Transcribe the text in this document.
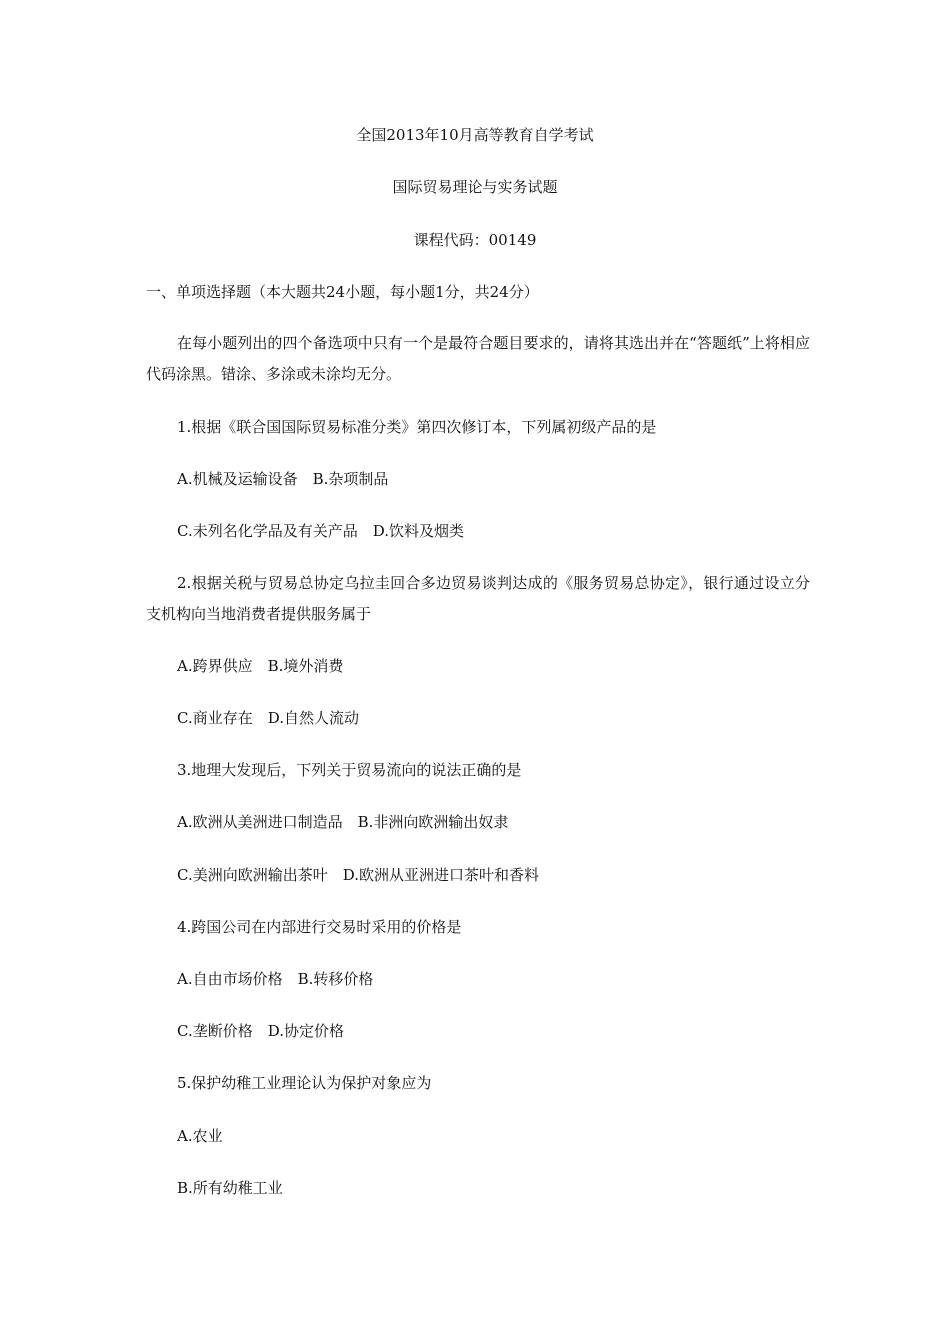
全国2013年10月高等教育自学考试
国际贸易理论与实务试题
课程代码：00149
一、单项选择题（本大题共24小题，每小题1分，共24分）
在每小题列出的四个备选项中只有一个是最符合题目要求的，请将其选出并在“答题纸”上将相应代码涂黑。错涂、多涂或未涂均无分。
1.根据《联合国国际贸易标准分类》第四次修订本，下列属初级产品的是
A.机械及运输设备　B.杂项制品
C.未列名化学品及有关产品　D.饮料及烟类
2.根据关税与贸易总协定乌拉圭回合多边贸易谈判达成的《服务贸易总协定》，银行通过设立分支机构向当地消费者提供服务属于
A.跨界供应　B.境外消费
C.商业存在　D.自然人流动
3.地理大发现后，下列关于贸易流向的说法正确的是
A.欧洲从美洲进口制造品　B.非洲向欧洲输出奴隶
C.美洲向欧洲输出茶叶　D.欧洲从亚洲进口茶叶和香料
4.跨国公司在内部进行交易时采用的价格是
A.自由市场价格　B.转移价格
C.垄断价格　D.协定价格
5.保护幼稚工业理论认为保护对象应为
A.农业
B.所有幼稚工业
